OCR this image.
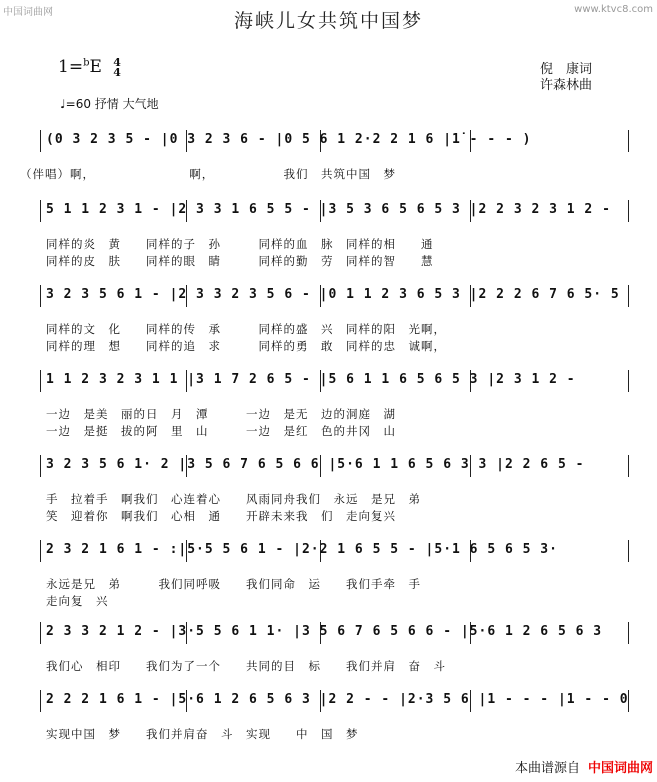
中国词曲网	www.ktvc8.com
海峡儿女共筑中国梦
1=$^b$E 4
4	倪　康词
许森林曲
♩=60 抒情 大气地
(0 3 2 3 5 - |0 3 2 3 6 - |0 5 6 1 2·2 2 1 6 |1̇ - - - )
（伴唱）啊，　　　　　　　　啊，　　　　　　我们　共筑中国　梦
5 1 1 2 3 1 - |2 3 3 1 6 5 5 - |3 5 3 6 5 6 5 3 |2 2 3 2 3 1 2 -
同样的炎　黄　　同样的子　孙　　　同样的血　脉　同样的相　　通
同样的皮　肤　　同样的眼　睛　　　同样的勤　劳　同样的智　　慧
3 2 3 5 6 1 - |2 3 3 2 3 5 6 - |0 1 1 2 3 6 5 3 |2 2 2 6 7 6 5· 5
同样的文　化　　同样的传　承　　　同样的盛　兴　同样的阳　光啊，
同样的理　想　　同样的追　求　　　同样的勇　敢　同样的忠　诚啊，
1 1 2 3 2 3 1 1 |3 1 7 2 6 5 - |5 6 1 1 6 5 6 5 3 |2 3 1 2 -
一边　是美　丽的日　月　潭　　　一边　是无　边的洞庭　湖
一边　是挺　拔的阿　里　山　　　一边　是红　色的井冈　山
3 2 3 5 6 1· 2 |3 5 6 7 6 5 6 6 |5·6 1 1 6 5 6 3 3 |2 2 6 5 -
手　拉着手　啊我们　心连着心　　风雨同舟我们　永远　是兄　弟
笑　迎着你　啊我们　心相　通　　开辟未来我　们　走向复兴
2 3 2 1 6 1 - :|5·5 5 6 1 - |2·2 1 6 5 5 - |5·1 6 5 6 5 3·
永远是兄　弟　　　我们同呼吸　　我们同命　运　　我们手牵　手
走向复　兴
2 3 3 2 1 2 - |3·5 5 6 1 1· |3 5 6 7 6 5 6 6 - |5·6 1 2 6 5 6 3
我们心　相印　　我们为了一个　　共同的目　标　　我们并肩　奋　斗
2 2 2 1 6 1 - |5·6 1 2 6 5 6 3 |2 2 - - |2·3 5 6 |1 - - - |1 - - 0
实现中国　梦　　我们并肩奋　斗　实现　　中　国　梦
本曲谱源自 中国词曲网
